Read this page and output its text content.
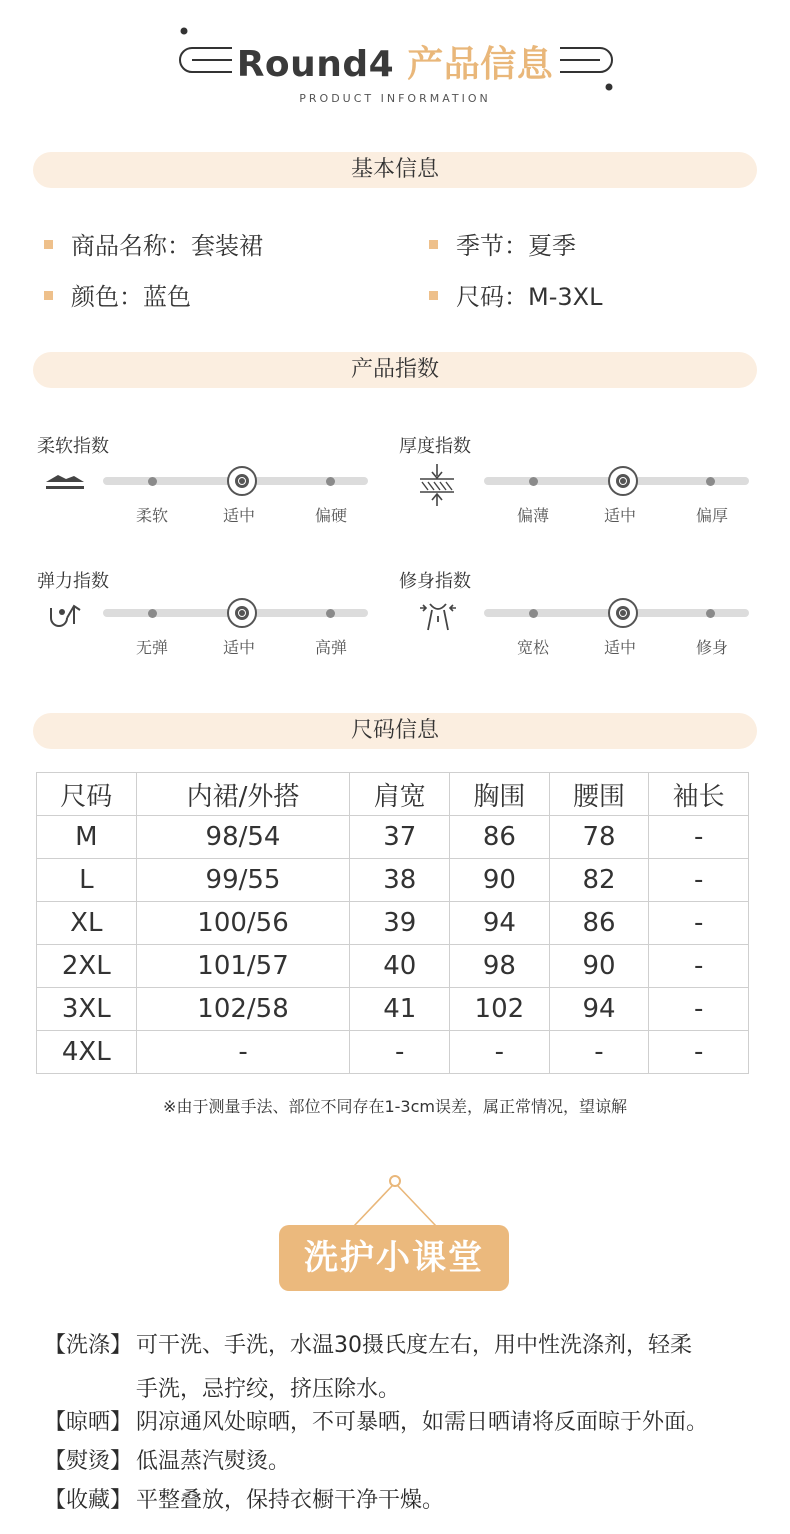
Round4 产品信息
PRODUCT INFORMATION
基本信息
商品名称：套装裙	季节：夏季
颜色：蓝色	尺码：M-3XL
产品指数
柔软指数
柔软	适中	偏硬
厚度指数
偏薄	适中	偏厚
弹力指数
无弹	适中	高弹
修身指数
宽松	适中	修身
尺码信息
尺码	内裙/外搭	肩宽	胸围	腰围	袖长
M	98/54	37	86	78	-
L	99/55	38	90	82	-
XL	100/56	39	94	86	-
2XL	101/57	40	98	90	-
3XL	102/58	41	102	94	-
4XL	-	-	-	-	-
※由于测量手法、部位不同存在1-3cm误差，属正常情况，望谅解
洗护小课堂
【洗涤】 可干洗、手洗，水温30摄氏度左右，用中性洗涤剂，轻柔
手洗，忌拧绞，挤压除水。
【晾晒】 阴凉通风处晾晒，不可暴晒，如需日晒请将反面晾于外面。
【熨烫】 低温蒸汽熨烫。
【收藏】 平整叠放，保持衣橱干净干燥。
